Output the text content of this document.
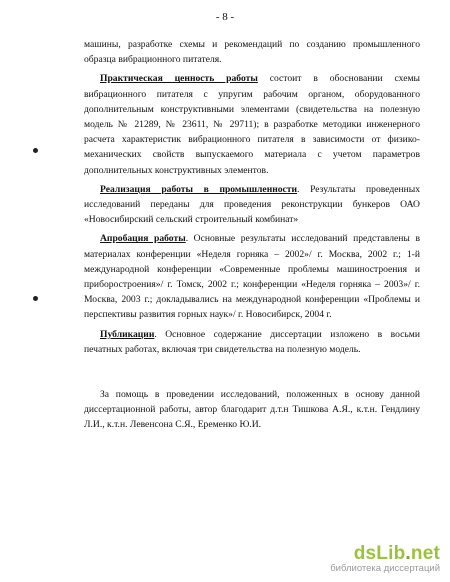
- 8 -

машины, разработке схемы и рекомендаций по созданию промышленного образца вибрационного питателя.

Практическая ценность работы состоит в обосновании схемы вибрационного питателя с упругим рабочим органом, оборудованного дополнительным конструктивными элементами (свидетельства на полезную модель № 21289, № 23611, № 29711); в разработке методики инженерного расчета характеристик вибрационного питателя в зависимости от физико-механических свойств выпускаемого материала с учетом параметров дополнительных конструктивных элементов.

Реализация работы в промышленности. Результаты проведенных исследований переданы для проведения реконструкции бункеров ОАО «Новосибирский сельский строительный комбинат»

Апробация работы. Основные результаты исследований представлены в материалах конференции «Неделя горняка – 2002»/ г. Москва, 2002 г.; 1-й международной конференции «Современные проблемы машиностроения и приборостроения»/ г. Томск, 2002 г.; конференции «Неделя горняка – 2003»/ г. Москва, 2003 г.; докладывались на международной конференции «Проблемы и перспективы развития горных наук»/ г. Новосибирск, 2004 г.

Публикации. Основное содержание диссертации изложено в восьми печатных работах, включая три свидетельства на полезную модель.

За помощь в проведении исследований, положенных в основу данной диссертационной работы, автор благодарит д.т.н Тишкова А.Я., к.т.н. Гендлину Л.И., к.т.н. Левенсона С.Я., Еременко Ю.И.

dsLib.net
библиотека диссертаций
